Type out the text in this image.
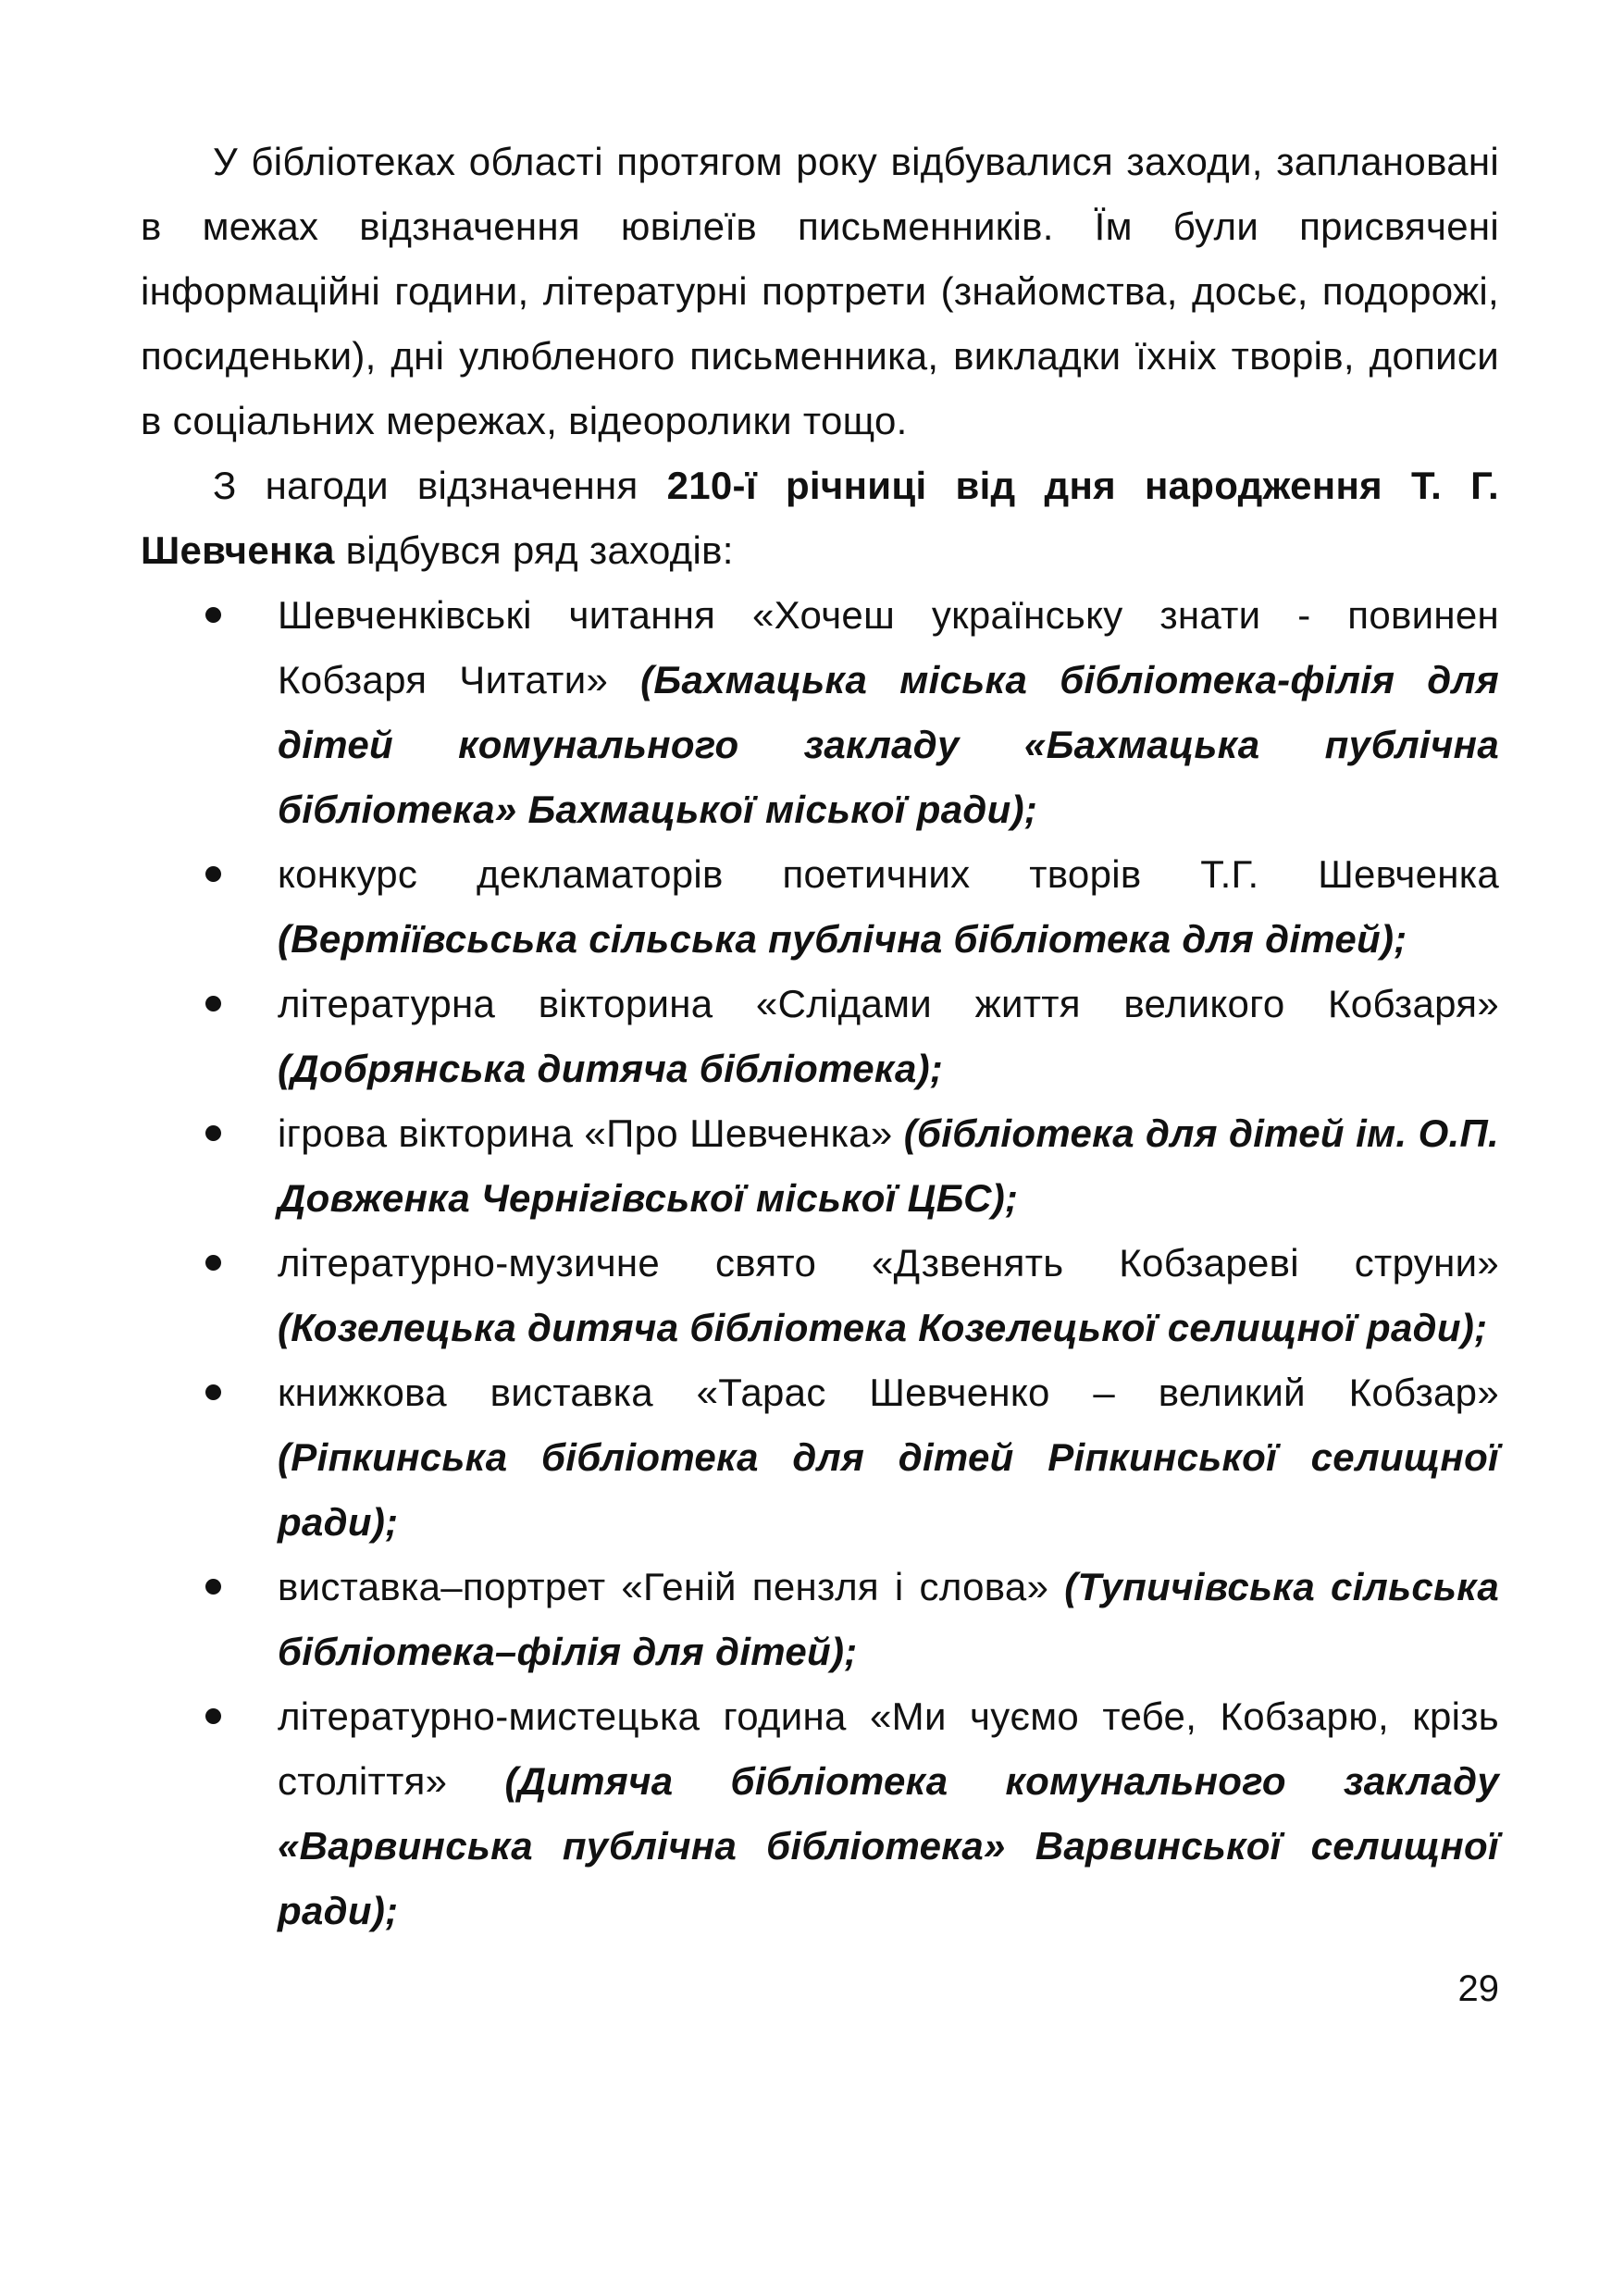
У бібліотеках області протягом року відбувалися заходи, заплановані в межах відзначення ювілеїв письменників. Їм були присвячені інформаційні години, літературні портрети (знайомства, досьє, подорожі, посиденьки), дні улюбленого письменника, викладки їхніх творів, дописи в соціальних мережах, відеоролики тощо.

З нагоди відзначення 210-ї річниці від дня народження Т. Г. Шевченка відбувся ряд заходів:

Шевченківські читання «Хочеш українську знати - повинен Кобзаря Читати» (Бахмацька міська бібліотека-філія для дітей комунального закладу «Бахмацька публічна бібліотека» Бахмацької міської ради);
конкурс декламаторів поетичних творів Т.Г. Шевченка (Вертіївсьська сільська публічна бібліотека для дітей);
літературна вікторина «Слідами життя великого Кобзаря» (Добрянська дитяча бібліотека);
ігрова вікторина «Про Шевченка» (бібліотека для дітей ім. О.П. Довженка Чернігівської міської ЦБС);
літературно-музичне свято «Дзвенять Кобзареві струни» (Козелецька дитяча бібліотека Козелецької селищної ради);
книжкова виставка «Тарас Шевченко – великий Кобзар» (Ріпкинська бібліотека для дітей Ріпкинської селищної ради);
виставка–портрет «Геній пензля і слова» (Тупичівська сільська бібліотека–філія для дітей);
літературно-мистецька година «Ми чуємо тебе, Кобзарю, крізь століття» (Дитяча бібліотека комунального закладу «Варвинська публічна бібліотека» Варвинської селищної ради);
29
